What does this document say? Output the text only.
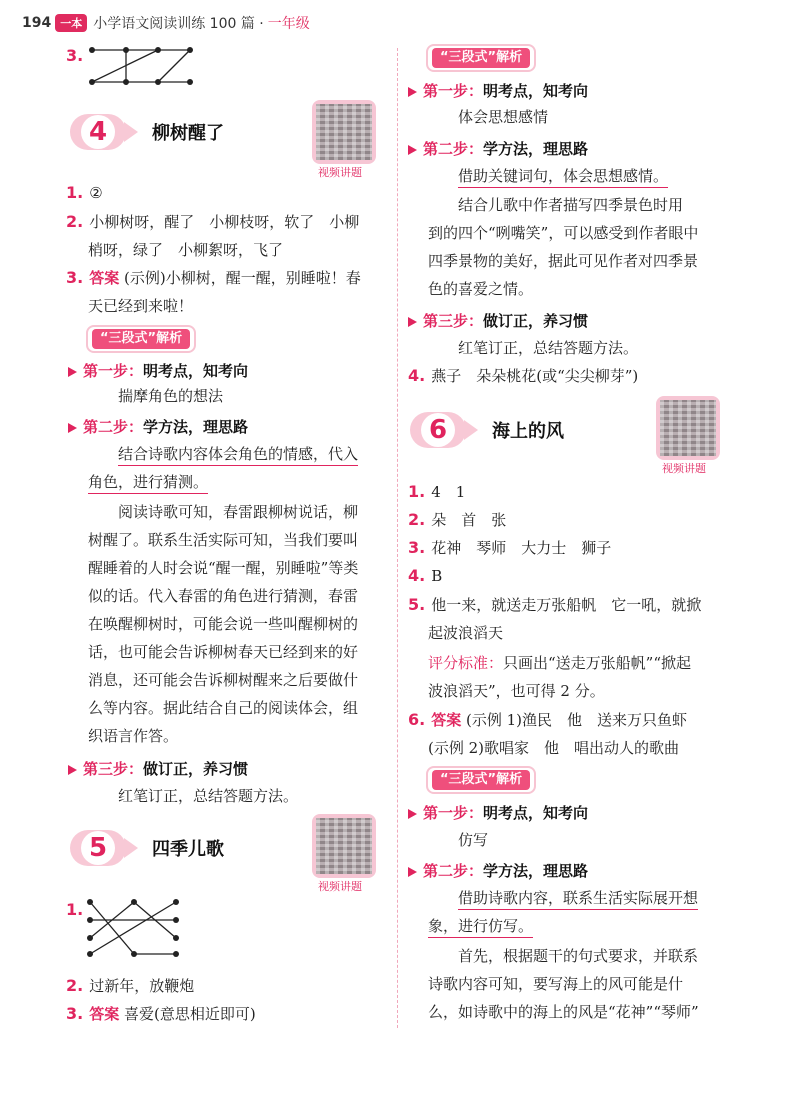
194 一本 小学语文阅读训练 100 篇 · 一年级
3.
4	柳树醒了
视频讲题
1. ②
2. 小柳树呀，醒了　小柳枝呀，软了　小柳
梢呀，绿了　小柳絮呀，飞了
3. 答案 (示例)小柳树，醒一醒，别睡啦！春
天已经到来啦！
“三段式”解析
第一步：明考点，知考向
揣摩角色的想法
第二步：学方法，理思路
结合诗歌内容体会角色的情感，代入
角色，进行猜测。
阅读诗歌可知，春雷跟柳树说话，柳
树醒了。联系生活实际可知，当我们要叫
醒睡着的人时会说“醒一醒，别睡啦”等类
似的话。代入春雷的角色进行猜测，春雷
在唤醒柳树时，可能会说一些叫醒柳树的
话，也可能会告诉柳树春天已经到来的好
消息，还可能会告诉柳树醒来之后要做什
么等内容。据此结合自己的阅读体会，组
织语言作答。
第三步：做订正，养习惯
红笔订正，总结答题方法。
5	四季儿歌
视频讲题
1.
2. 过新年，放鞭炮
3. 答案 喜爱(意思相近即可)
“三段式”解析
第一步：明考点，知考向
体会思想感情
第二步：学方法，理思路
借助关键词句，体会思想感情。
结合儿歌中作者描写四季景色时用
到的四个“咧嘴笑”，可以感受到作者眼中
四季景物的美好，据此可见作者对四季景
色的喜爱之情。
第三步：做订正，养习惯
红笔订正，总结答题方法。
4. 燕子　朵朵桃花(或“尖尖柳芽”)
6	海上的风
视频讲题
1. 4　1
2. 朵　首　张
3. 花神　琴师　大力士　狮子
4. B
5. 他一来，就送走万张船帆　它一吼，就掀
起波浪滔天
评分标准：只画出“送走万张船帆”“掀起
波浪滔天”，也可得 2 分。
6. 答案 (示例 1)渔民　他　送来万只鱼虾
(示例 2)歌唱家　他　唱出动人的歌曲
“三段式”解析
第一步：明考点，知考向
仿写
第二步：学方法，理思路
借助诗歌内容，联系生活实际展开想
象，进行仿写。
首先，根据题干的句式要求，并联系
诗歌内容可知，要写海上的风可能是什
么，如诗歌中的海上的风是“花神”“琴师”
